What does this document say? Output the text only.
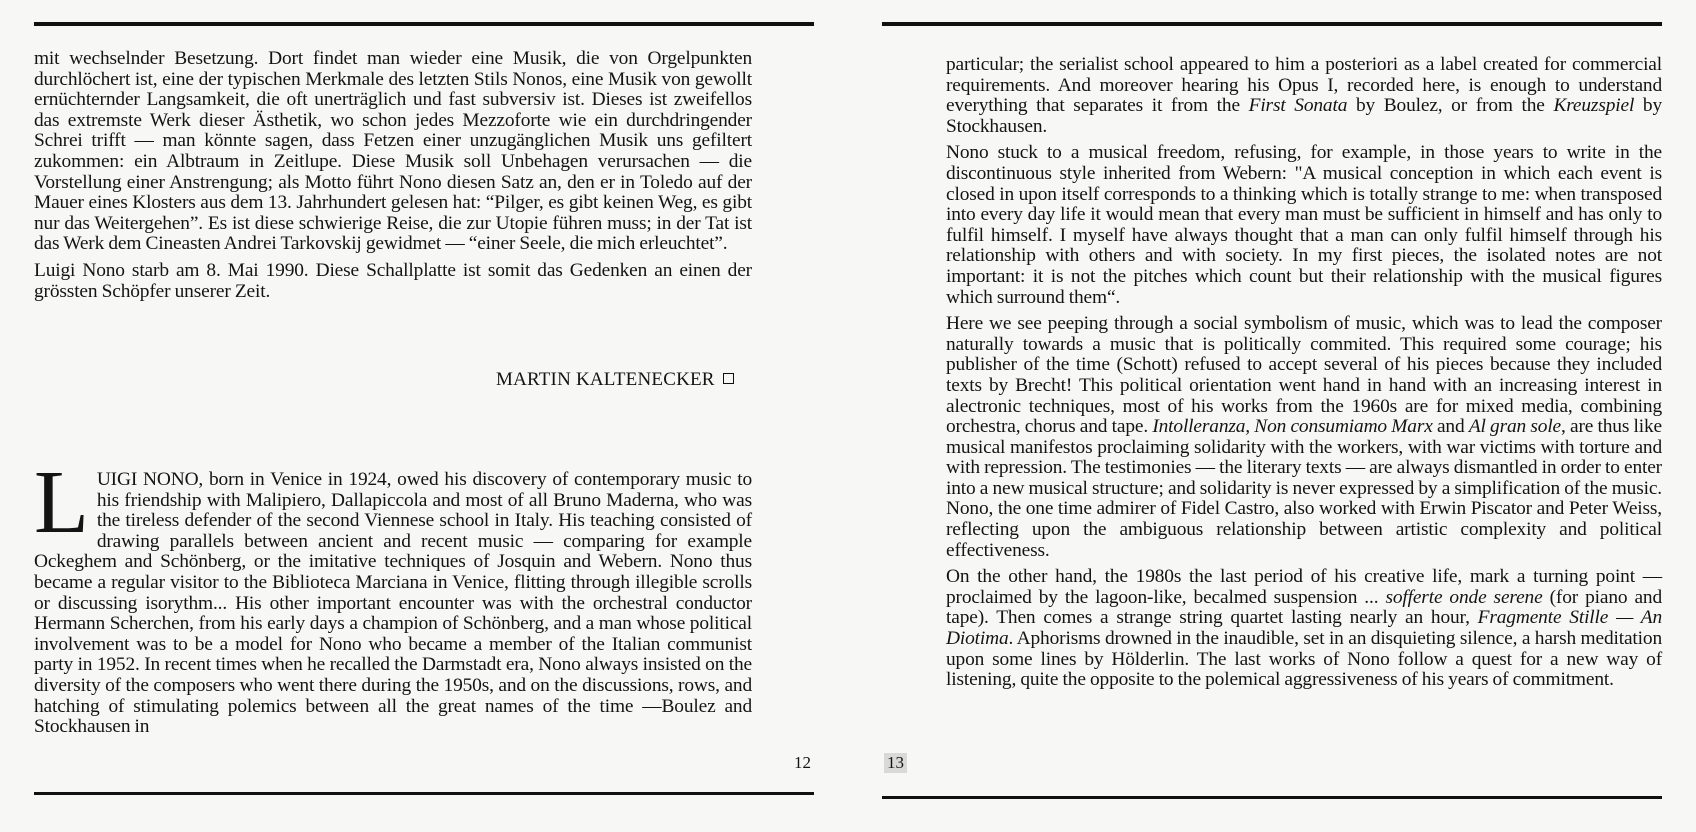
mit wechselnder Besetzung. Dort findet man wieder eine Musik, die von Orgelpunkten durchlöchert ist, eine der typischen Merkmale des letzten Stils Nonos, eine Musik von gewollt ernüchternder Langsamkeit, die oft unerträglich und fast subversiv ist. Dieses ist zweifellos das extremste Werk dieser Ästhetik, wo schon jedes Mezzoforte wie ein durchdringender Schrei trifft — man könnte sagen, dass Fetzen einer unzugänglichen Musik uns gefiltert zukommen: ein Albtraum in Zeitlupe. Diese Musik soll Unbehagen verursachen — die Vorstellung einer Anstrengung; als Motto führt Nono diesen Satz an, den er in Toledo auf der Mauer eines Klosters aus dem 13. Jahrhundert gelesen hat: “Pilger, es gibt keinen Weg, es gibt nur das Weitergehen”. Es ist diese schwierige Reise, die zur Utopie führen muss; in der Tat ist das Werk dem Cineasten Andrei Tarkovskij gewidmet — “einer Seele, die mich erleuchtet”.

Luigi Nono starb am 8. Mai 1990. Diese Schallplatte ist somit das Gedenken an einen der grössten Schöpfer unserer Zeit.

MARTIN KALTENECKER

LUIGI NONO, born in Venice in 1924, owed his discovery of contemporary music to his friendship with Malipiero, Dallapiccola and most of all Bruno Maderna, who was the tireless defender of the second Viennese school in Italy. His teaching consisted of drawing parallels between ancient and recent music — comparing for example Ockeghem and Schönberg, or the imitative techniques of Josquin and Webern. Nono thus became a regular visitor to the Biblioteca Marciana in Venice, flitting through illegible scrolls or discussing isorythm... His other important encounter was with the orchestral conductor Hermann Scherchen, from his early days a champion of Schönberg, and a man whose political involvement was to be a model for Nono who became a member of the Italian communist party in 1952. In recent times when he recalled the Darmstadt era, Nono always insisted on the diversity of the composers who went there during the 1950s, and on the discussions, rows, and hatching of stimulating polemics between all the great names of the time —Boulez and Stockhausen in

12

particular; the serialist school appeared to him a posteriori as a label created for commercial requirements. And moreover hearing his Opus I, recorded here, is enough to understand everything that separates it from the First Sonata by Boulez, or from the Kreuzspiel by Stockhausen.

Nono stuck to a musical freedom, refusing, for example, in those years to write in the discontinuous style inherited from Webern: "A musical conception in which each event is closed in upon itself corresponds to a thinking which is totally strange to me: when transposed into every day life it would mean that every man must be sufficient in himself and has only to fulfil himself. I myself have always thought that a man can only fulfil himself through his relationship with others and with society. In my first pieces, the isolated notes are not important: it is not the pitches which count but their relationship with the musical figures which surround them“.

Here we see peeping through a social symbolism of music, which was to lead the composer naturally towards a music that is politically commited. This required some courage; his publisher of the time (Schott) refused to accept several of his pieces because they included texts by Brecht! This political orientation went hand in hand with an increasing interest in alectronic techniques, most of his works from the 1960s are for mixed media, combining orchestra, chorus and tape. Intolleranza, Non consumiamo Marx and Al gran sole, are thus like musical manifestos proclaiming solidarity with the workers, with war victims with torture and with repression. The testimonies — the literary texts — are always dismantled in order to enter into a new musical structure; and solidarity is never expressed by a simplification of the music. Nono, the one time admirer of Fidel Castro, also worked with Erwin Piscator and Peter Weiss, reflecting upon the ambiguous relationship between artistic complexity and political effectiveness.

On the other hand, the 1980s the last period of his creative life, mark a turning point — proclaimed by the lagoon-like, becalmed suspension ... sofferte onde serene (for piano and tape). Then comes a strange string quartet lasting nearly an hour, Fragmente Stille — An Diotima. Aphorisms drowned in the inaudible, set in an disquieting silence, a harsh meditation upon some lines by Hölderlin. The last works of Nono follow a quest for a new way of listening, quite the opposite to the polemical aggressiveness of his years of commitment.

13
